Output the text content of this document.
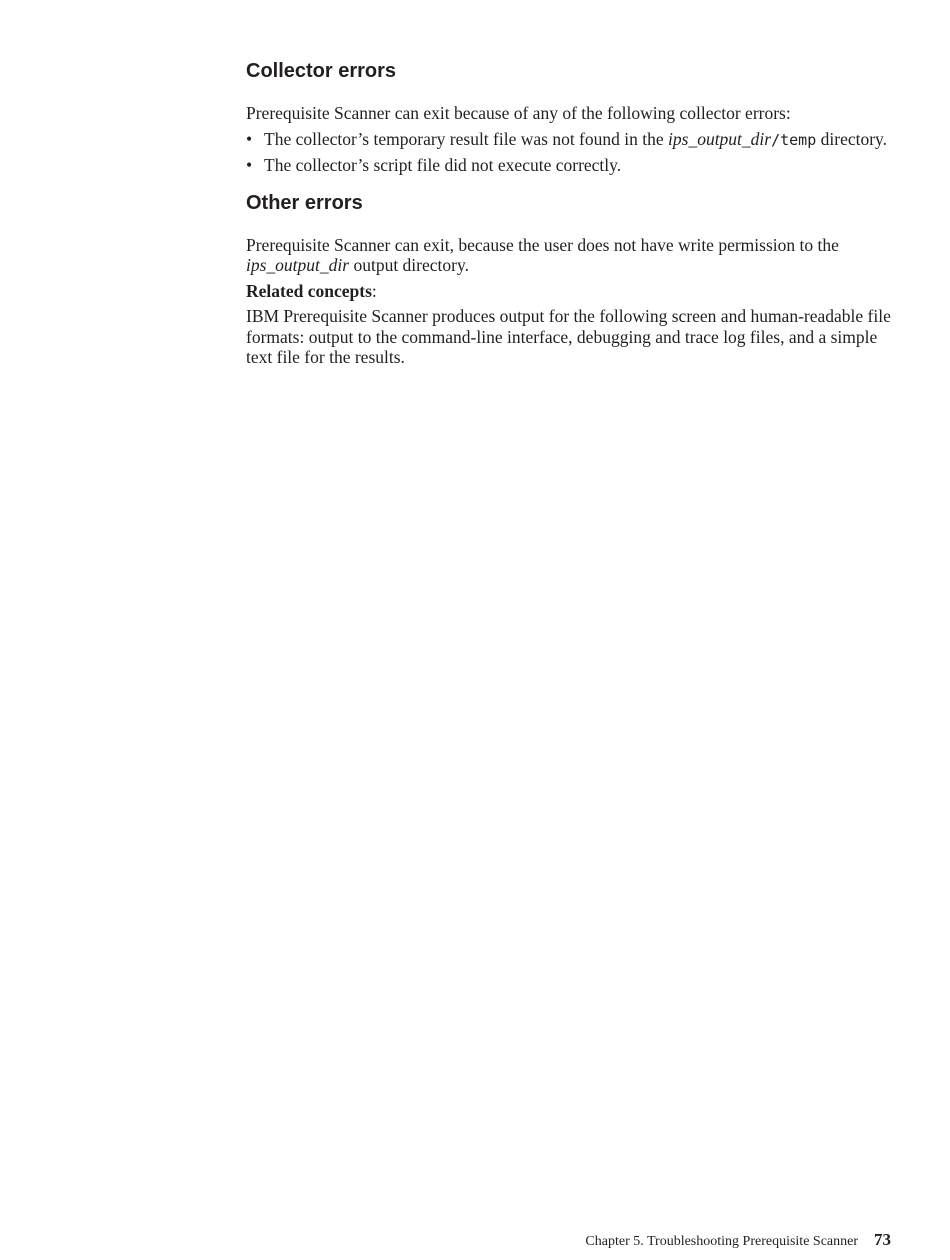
Collector errors

Prerequisite Scanner can exit because of any of the following collector errors:

• The collector’s temporary result file was not found in the ips_output_dir/temp directory.
• The collector’s script file did not execute correctly.
Other errors

Prerequisite Scanner can exit, because the user does not have write permission to the ips_output_dir output directory.

Related concepts:

IBM Prerequisite Scanner produces output for the following screen and human-readable file formats: output to the command-line interface, debugging and trace log files, and a simple text file for the results.

Chapter 5. Troubleshooting Prerequisite Scanner 73
